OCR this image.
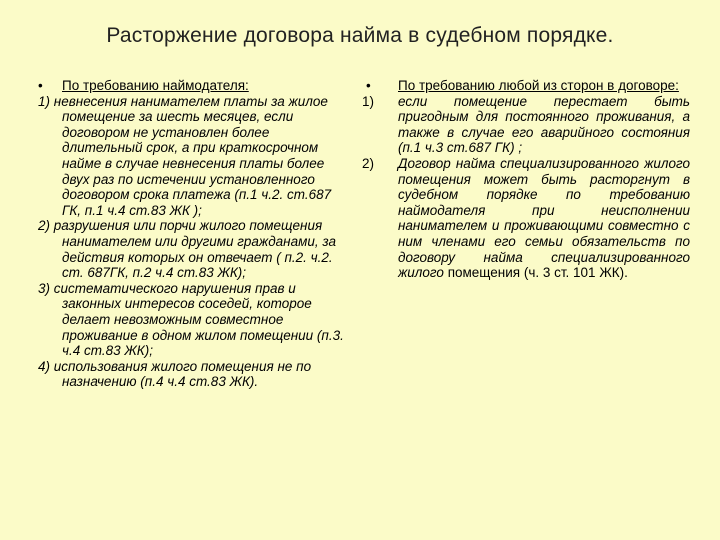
Расторжение договора найма в судебном порядке.
• По требованию наймодателя:
1) невнесения нанимателем платы за жилое помещение за шесть месяцев, если договором не установлен более длительный срок, а при краткосрочном найме в случае невнесения платы более двух раз по истечении установленного договором срока платежа (п.1 ч.2. ст.687 ГК, п.1 ч.4 ст.83 ЖК );
2) разрушения или порчи жилого помещения нанимателем или другими гражданами, за действия которых он отвечает ( п.2. ч.2. ст. 687ГК, п.2 ч.4 ст.83 ЖК);
3) систематического нарушения прав и законных интересов соседей, которое делает невозможным совместное проживание в одном жилом помещении (п.3. ч.4 ст.83 ЖК);
4) использования жилого помещения не по назначению (п.4 ч.4 ст.83 ЖК).
• По требованию любой из сторон в договоре:
1) если помещение перестает быть пригодным для постоянного проживания, а также в случае его аварийного состояния (п.1 ч.3 ст.687 ГК) ;
2) Договор найма специализированного жилого помещения может быть расторгнут в судебном порядке по требованию наймодателя при неисполнении нанимателем и проживающими совместно с ним членами его семьи обязательств по договору найма специализированного жилого помещения (ч. 3 ст. 101 ЖК).
